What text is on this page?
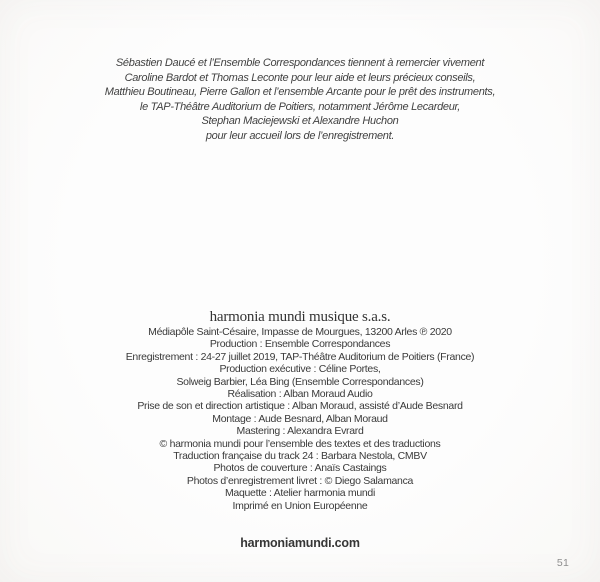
Sébastien Daucé et l’Ensemble Correspondances tiennent à remercier vivement
Caroline Bardot et Thomas Leconte pour leur aide et leurs précieux conseils,
Matthieu Boutineau, Pierre Gallon et l’ensemble Arcante pour le prêt des instruments,
le TAP-Théâtre Auditorium de Poitiers, notamment Jérôme Lecardeur,
Stephan Maciejewski et Alexandre Huchon
pour leur accueil lors de l’enregistrement.
harmonia mundi musique s.a.s.
Médiapôle Saint-Césaire, Impasse de Mourgues, 13200 Arles ℗ 2020
Production : Ensemble Correspondances
Enregistrement : 24-27 juillet 2019, TAP-Théâtre Auditorium de Poitiers (France)
Production exécutive : Céline Portes,
Solweig Barbier, Léa Bing (Ensemble Correspondances)
Réalisation : Alban Moraud Audio
Prise de son et direction artistique : Alban Moraud, assisté d’Aude Besnard
Montage : Aude Besnard, Alban Moraud
Mastering : Alexandra Evrard
© harmonia mundi pour l’ensemble des textes et des traductions
Traduction française du track 24 : Barbara Nestola, CMBV
Photos de couverture : Anaïs Castaings
Photos d’enregistrement livret : © Diego Salamanca
Maquette : Atelier harmonia mundi
Imprimé en Union Européenne
harmoniamundi.com
51
